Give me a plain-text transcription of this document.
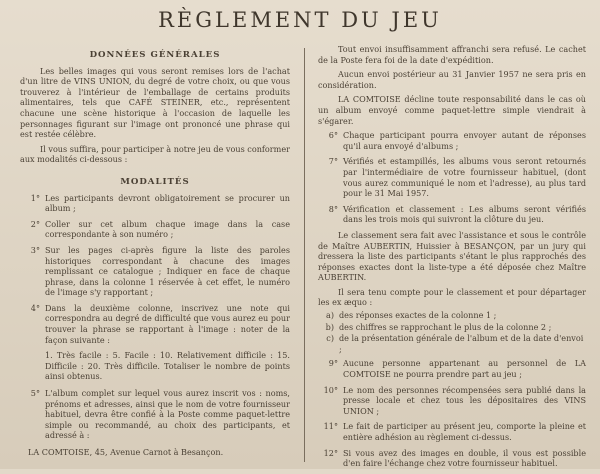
RÈGLEMENT DU JEU
DONNÉES GÉNÉRALES

Les belles images qui vous seront remises lors de l'achat d'un litre de VINS UNION, du degré de votre choix, ou que vous trouverez à l'intérieur de l'emballage de certains produits alimentaires, tels que CAFÉ STEINER, etc., représentent chacune une scène historique à l'occasion de laquelle les personnages figurant sur l'image ont prononcé une phrase qui est restée célèbre.

Il vous suffira, pour participer à notre jeu de vous conformer aux modalités ci-dessous :

MODALITÉS
1° Les participants devront obligatoirement se procurer un album ;
2° Coller sur cet album chaque image dans la case correspondante à son numéro ;
3° Sur les pages ci-après figure la liste des paroles historiques correspondant à chacune des images remplissant ce catalogue ; Indiquer en face de chaque phrase, dans la colonne 1 réservée à cet effet, le numéro de l'image s'y rapportant ;
4° Dans la deuxième colonne, inscrivez une note qui correspondra au degré de difficulté que vous aurez eu pour trouver la phrase se rapportant à l'image : noter de la façon suivante :

1. Très facile : 5. Facile : 10. Relativement difficile : 15. Difficile : 20. Très difficile. Totaliser le nombre de points ainsi obtenus.

5° L'album complet sur lequel vous aurez inscrit vos : noms, prénoms et adresses, ainsi que le nom de votre fournisseur habituel, devra être confié à la Poste comme paquet-lettre simple ou recommandé, au choix des participants, et adressé à :
LA COMTOISE, 45, Avenue Carnot à Besançon.

Tout envoi insuffisamment affranchi sera refusé. Le cachet de la Poste fera foi de la date d'expédition.

Aucun envoi postérieur au 31 Janvier 1957 ne sera pris en considération.

LA COMTOISE décline toute responsabilité dans le cas où un album envoyé comme paquet-lettre simple viendrait à s'égarer.

6° Chaque participant pourra envoyer autant de réponses qu'il aura envoyé d'albums ;
7° Vérifiés et estampillés, les albums vous seront retournés par l'intermédiaire de votre fournisseur habituel, (dont vous aurez communiqué le nom et l'adresse), au plus tard pour le 31 Mai 1957.
8° Vérification et classement : Les albums seront vérifiés dans les trois mois qui suivront la clôture du jeu.

Le classement sera fait avec l'assistance et sous le contrôle de Maître AUBERTIN, Huissier à BESANÇON, par un jury qui dressera la liste des participants s'étant le plus rapprochés des réponses exactes dont la liste-type a été déposée chez Maître AUBERTIN.

Il sera tenu compte pour le classement et pour départager les ex æquo :

a) des réponses exactes de la colonne 1 ;
b) des chiffres se rapprochant le plus de la colonne 2 ;
c) de la présentation générale de l'album et de la date d'envoi ;
9° Aucune personne appartenant au personnel de LA COMTOISE ne pourra prendre part au jeu ;
10° Le nom des personnes récompensées sera publié dans la presse locale et chez tous les dépositaires des VINS UNION ;
11° Le fait de participer au présent jeu, comporte la pleine et entière adhésion au règlement ci-dessus.
12° Si vous avez des images en double, il vous est possible d'en faire l'échange chez votre fournisseur habituel.
